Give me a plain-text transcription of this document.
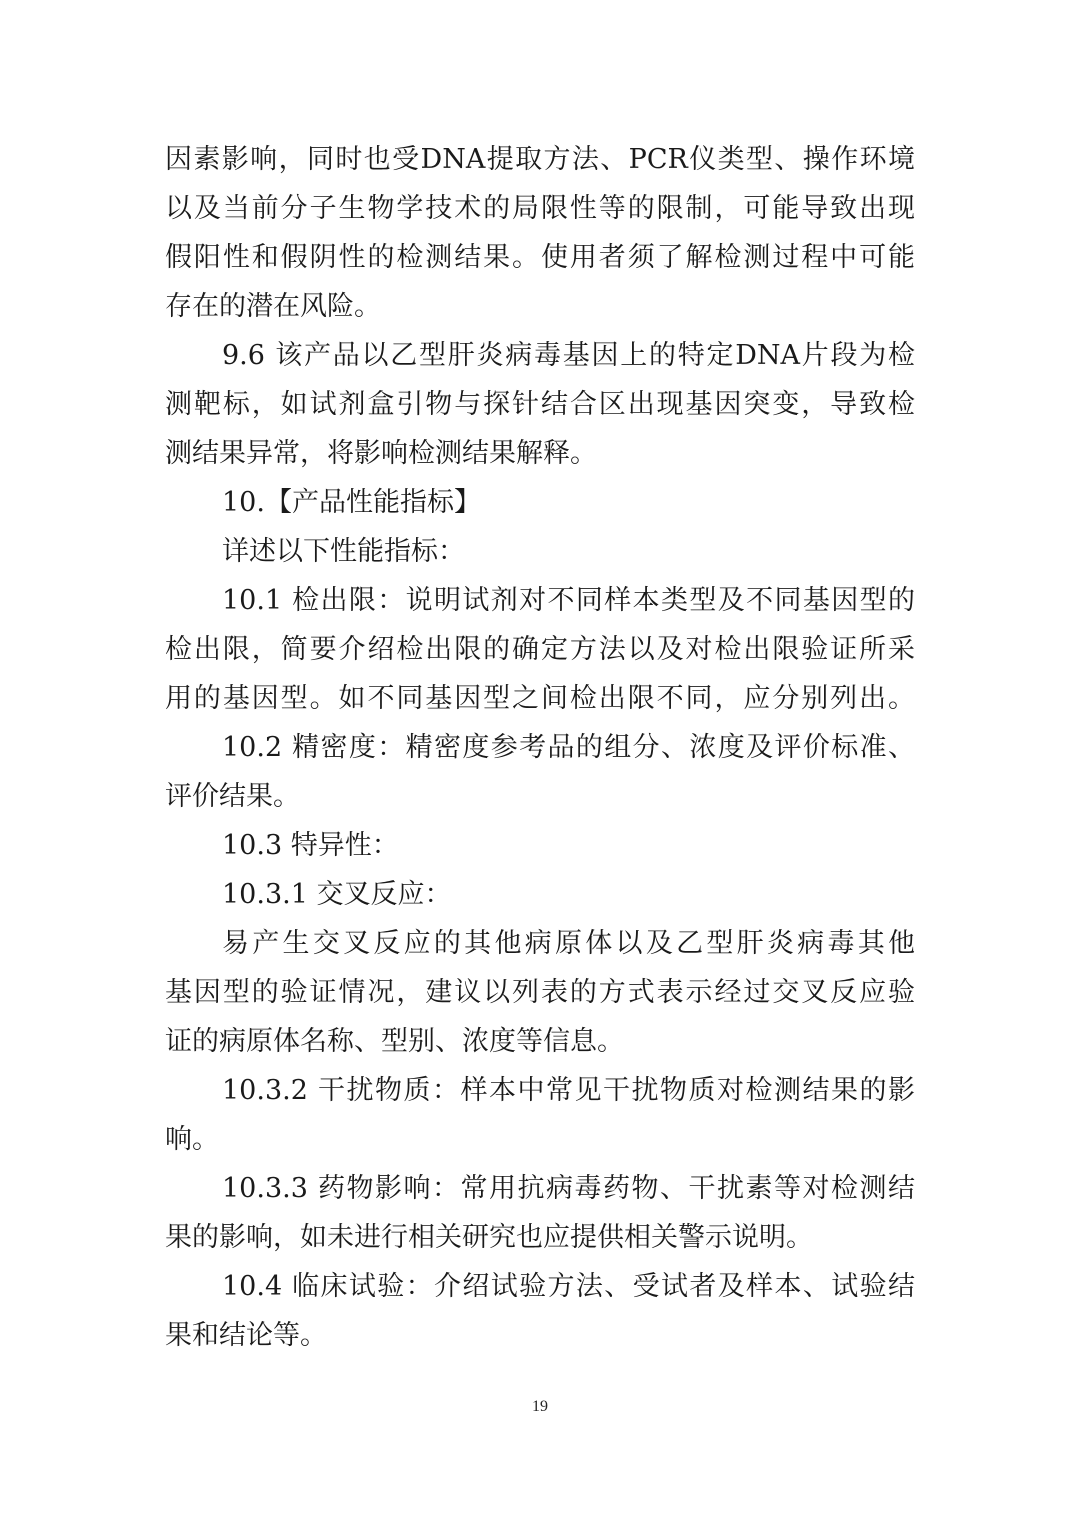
因素影响，同时也受DNA提取方法、PCR仪类型、操作环境
以及当前分子生物学技术的局限性等的限制，可能导致出现
假阳性和假阴性的检测结果。使用者须了解检测过程中可能
存在的潜在风险。
9.6 该产品以乙型肝炎病毒基因上的特定DNA片段为检
测靶标，如试剂盒引物与探针结合区出现基因突变，导致检
测结果异常，将影响检测结果解释。
10.【产品性能指标】
详述以下性能指标：
10.1 检出限：说明试剂对不同样本类型及不同基因型的
检出限，简要介绍检出限的确定方法以及对检出限验证所采
用的基因型。如不同基因型之间检出限不同，应分别列出。
10.2 精密度：精密度参考品的组分、浓度及评价标准、
评价结果。
10.3 特异性：
10.3.1 交叉反应：
易产生交叉反应的其他病原体以及乙型肝炎病毒其他
基因型的验证情况，建议以列表的方式表示经过交叉反应验
证的病原体名称、型别、浓度等信息。
10.3.2 干扰物质：样本中常见干扰物质对检测结果的影
响。
10.3.3 药物影响：常用抗病毒药物、干扰素等对检测结
果的影响，如未进行相关研究也应提供相关警示说明。
10.4 临床试验：介绍试验方法、受试者及样本、试验结
果和结论等。
19
